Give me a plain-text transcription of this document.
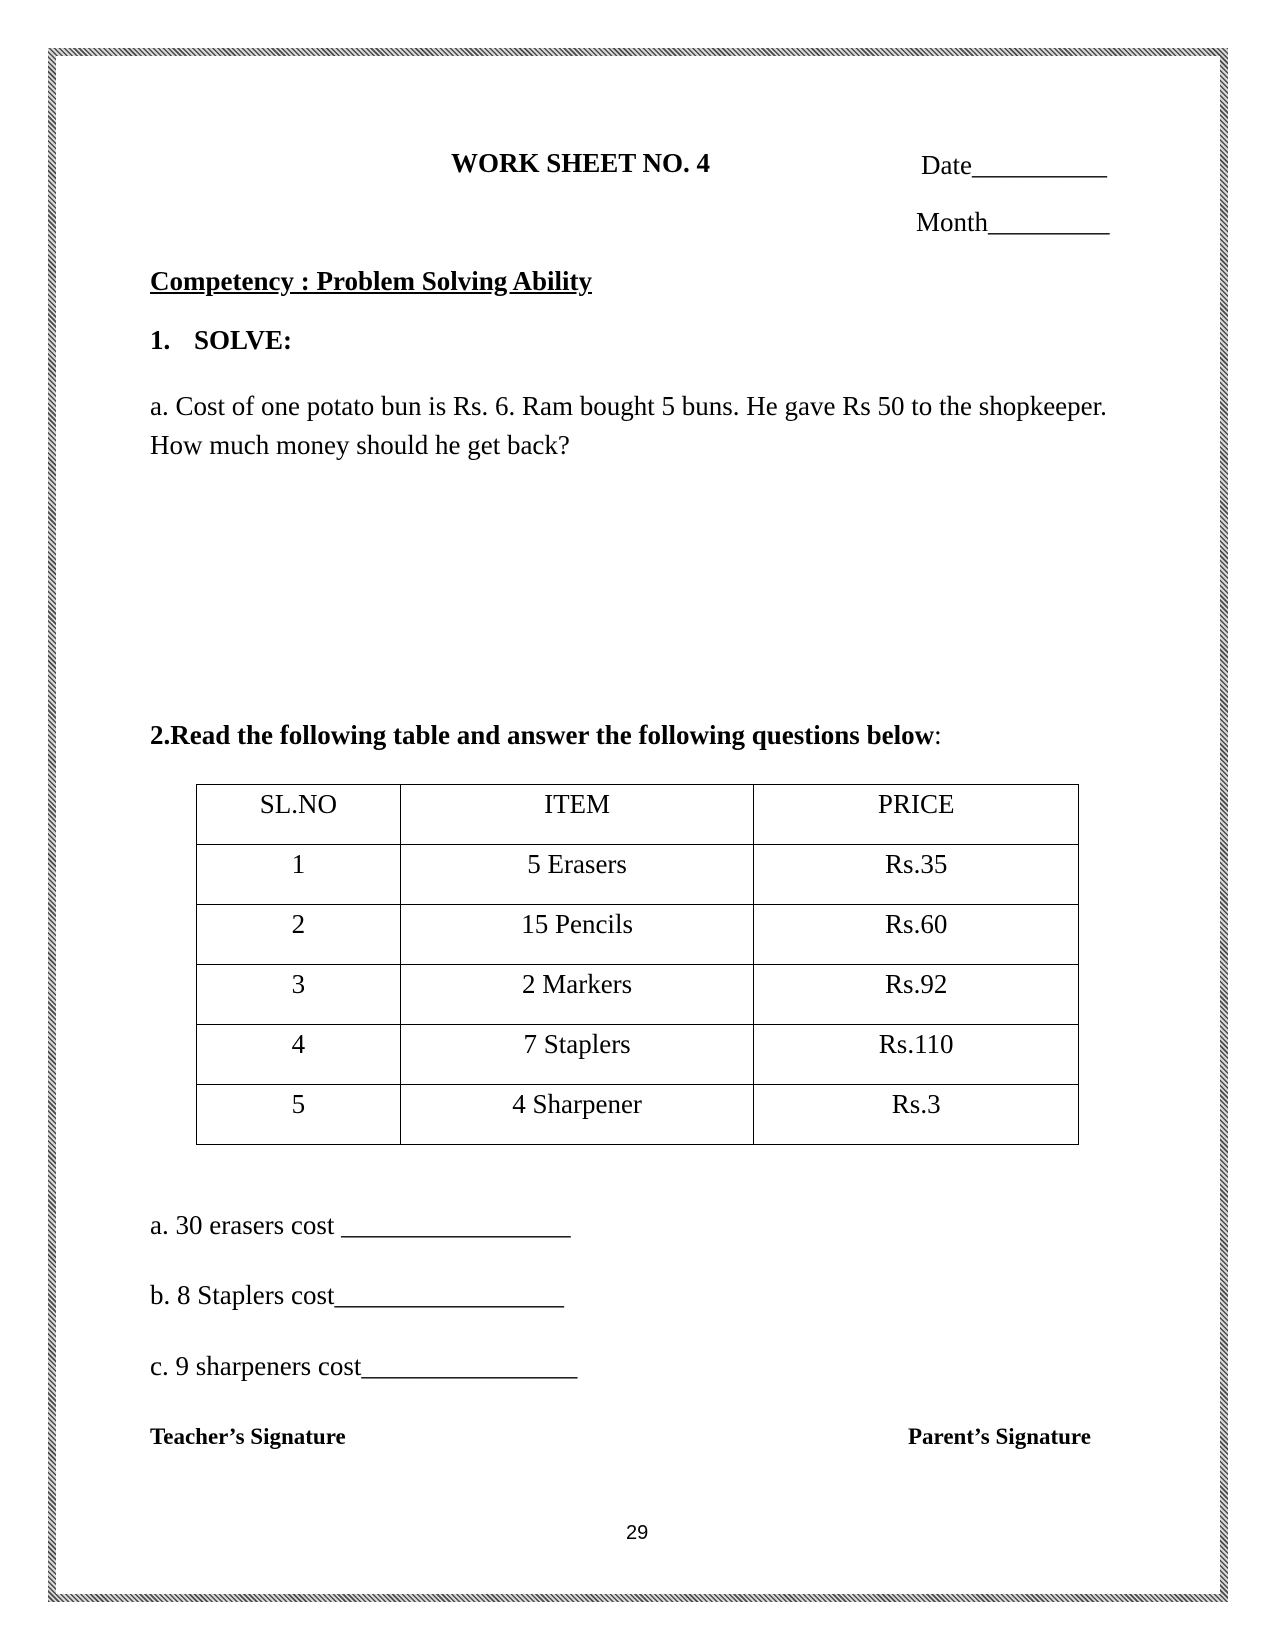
WORK SHEET NO. 4	Date__________
Month_________
Competency : Problem Solving Ability
1. SOLVE:
a. Cost of one potato bun is Rs. 6. Ram bought 5 buns. He gave Rs 50 to the shopkeeper. How much money should he get back?
2.Read the following table and answer the following questions below:
SL.NO	ITEM	PRICE
1	5 Erasers	Rs.35
2	15 Pencils	Rs.60
3	2 Markers	Rs.92
4	7 Staplers	Rs.110
5	4 Sharpener	Rs.3
a. 30 erasers cost _________________
b. 8 Staplers cost_________________
c. 9 sharpeners cost________________
Teacher’s Signature	Parent’s Signature
29
